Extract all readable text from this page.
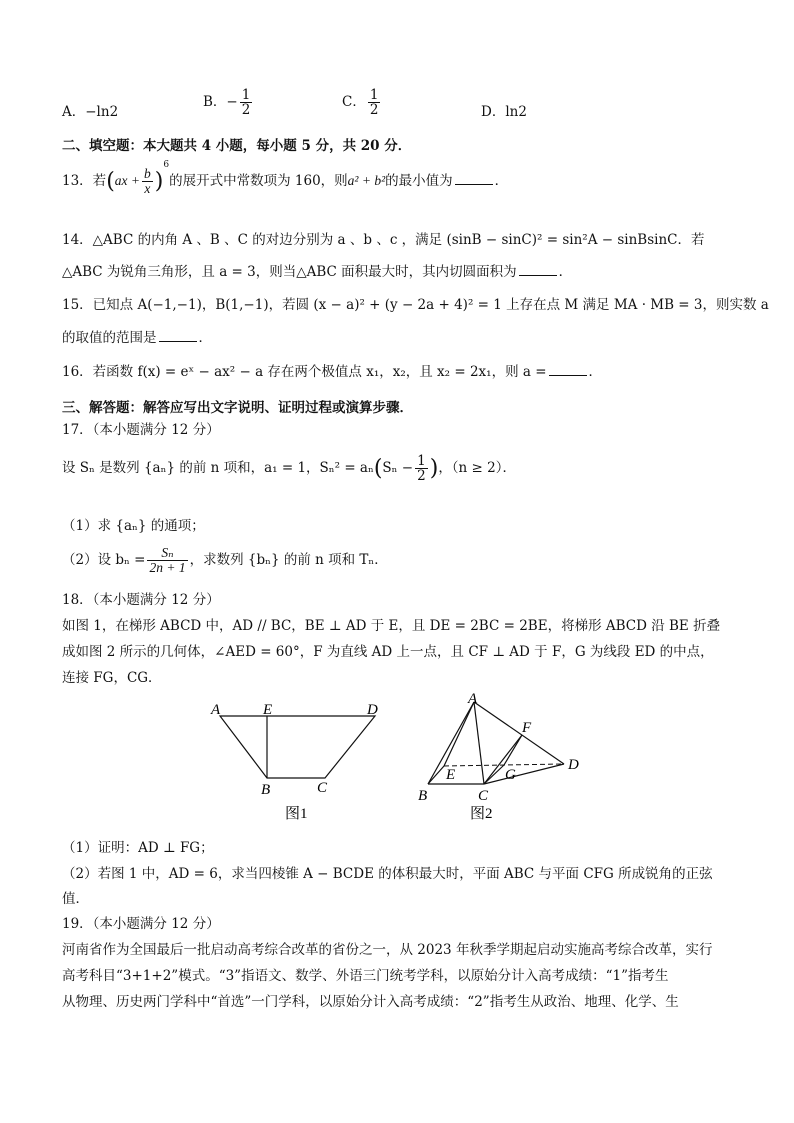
A．−ln2
B．− $\frac{1}{2}$	C． $\frac{1}{2}$	D．ln2
二、填空题：本大题共 4 小题，每小题 5 分，共 20 分．
13．若$(ax + \frac{b}{x} )^6$的展开式中常数项为 160，则a² + b²的最小值为	．
14．△ABC 的内角 A 、B 、C 的对边分别为 a 、b 、c ，满足 (sinB − sinC)² = sin²A − sinBsinC．若
△ABC 为锐角三角形，且 a = 3，则当△ABC 面积最大时，其内切圆面积为	．
15．已知点 A(−1,−1)，B(1,−1)，若圆 (x − a)² + (y − 2a + 4)² = 1 上存在点 M 满足 MA · MB = 3，则实数 a
的取值的范围是	．
16．若函数 f(x) = eˣ − ax² − a 存在两个极值点 x₁，x₂，且 x₂ = 2x₁，则 a =	．
三、解答题：解答应写出文字说明、证明过程或演算步骤．
17．（本小题满分 12 分）
设 Sₙ 是数列 {aₙ} 的前 n 项和，a₁ = 1，$S_n^2 = a_n(S_n - \frac{1}{2}$ )，（n ≥ 2）．
（1）求 {aₙ} 的通项；
（2）设 $b_n = \frac{\text{Sₙ}}{2n + 1}$ ，求数列 {bₙ} 的前 n 项和 Tₙ．
18．（本小题满分 12 分）
如图 1，在梯形 ABCD 中，AD // BC，BE ⊥ AD 于 E，且 DE = 2BC = 2BE，将梯形 ABCD 沿 BE 折叠
成如图 2 所示的几何体，∠AED = 60°，F 为直线 AD 上一点，且 CF ⊥ AD 于 F，G 为线段 ED 的中点，
连接 FG，CG．
A	E	D
B	C
图1
A
F
E	G
D
B	C
图2
（1）证明：AD ⊥ FG；
（2）若图 1 中，AD = 6，求当四棱锥 A − BCDE 的体积最大时，平面 ABC 与平面 CFG 所成锐角的正弦
值．
19．（本小题满分 12 分）
河南省作为全国最后一批启动高考综合改革的省份之一，从 2023 年秋季学期起启动实施高考综合改革，实行
高考科目“3+1+2”模式。“3”指语文、数学、外语三门统考学科，以原始分计入高考成绩：“1”指考生
从物理、历史两门学科中“首选”一门学科，以原始分计入高考成绩：“2”指考生从政治、地理、化学、生
